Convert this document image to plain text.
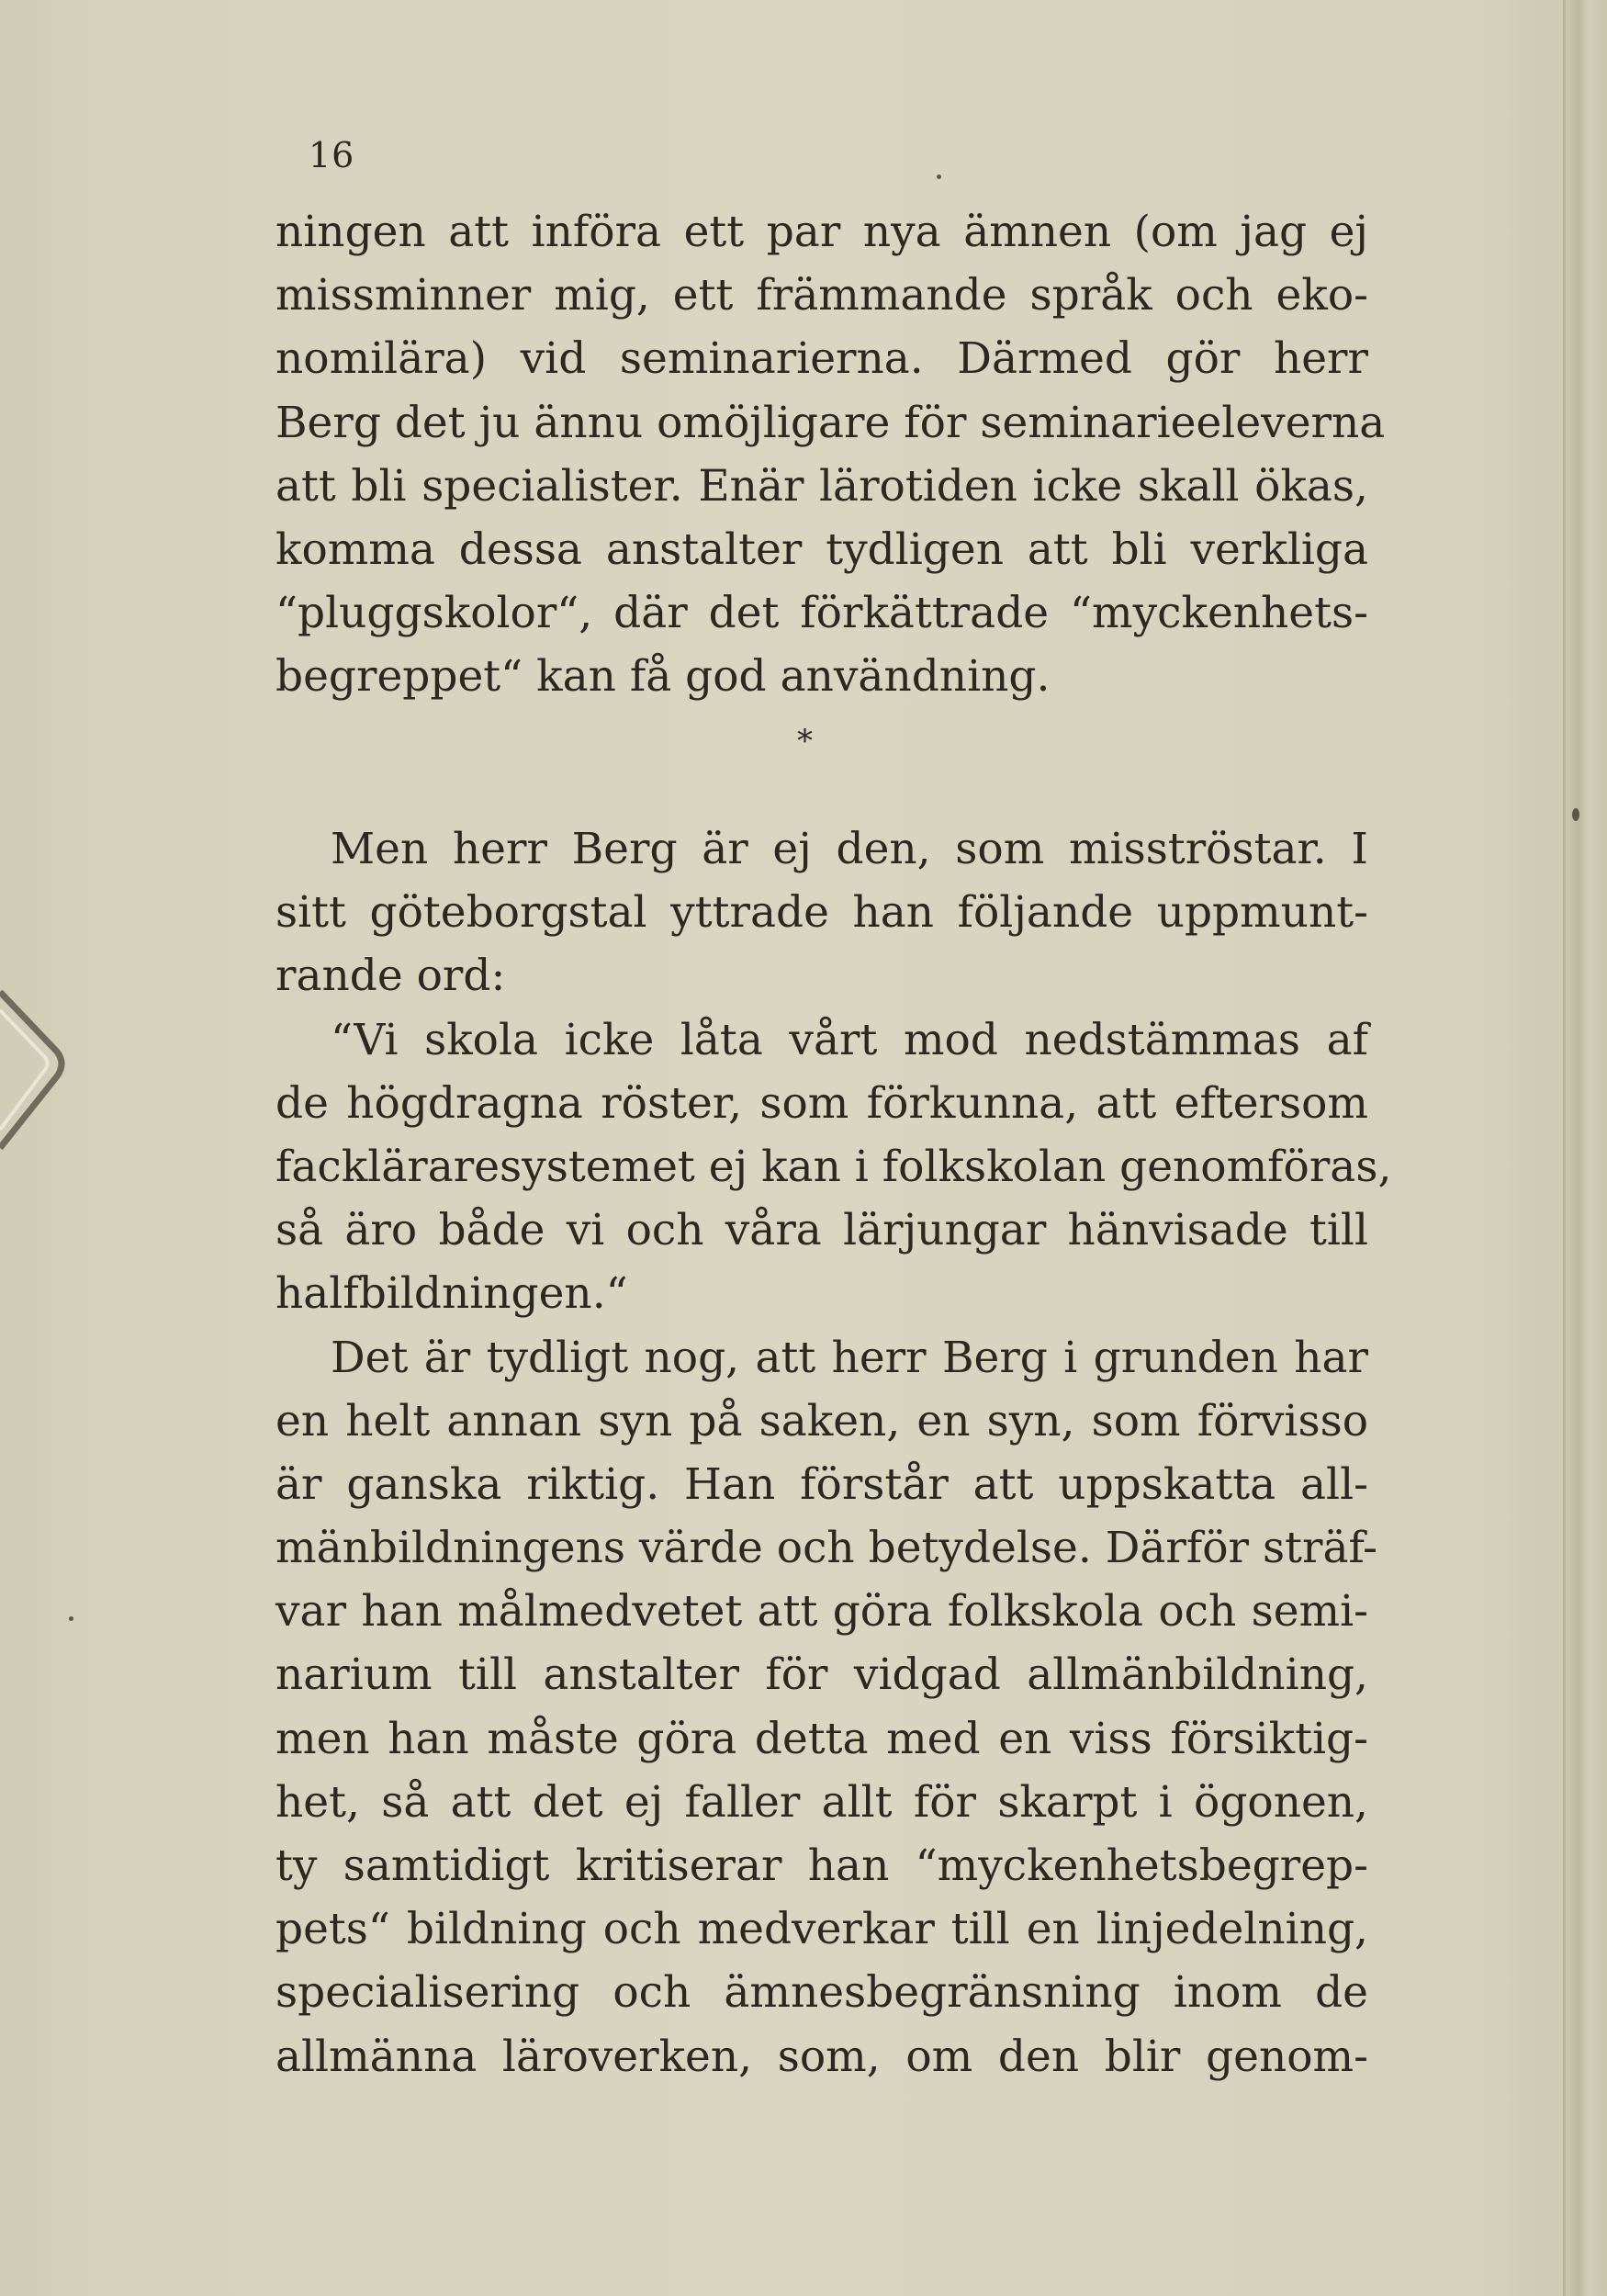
16
ningen att införa ett par nya ämnen (om jag ej
missminner mig, ett främmande språk och eko-
nomilära) vid seminarierna. Därmed gör herr
Berg det ju ännu omöjligare för seminarieeleverna
att bli specialister. Enär lärotiden icke skall ökas,
komma dessa anstalter tydligen att bli verkliga
“pluggskolor“, där det förkättrade “myckenhets-
begreppet“ kan få god användning.
*
Men herr Berg är ej den, som misströstar. I
sitt göteborgstal yttrade han följande uppmunt-
rande ord:
“Vi skola icke låta vårt mod nedstämmas af
de högdragna röster, som förkunna, att eftersom
fackläraresystemet ej kan i folkskolan genomföras,
så äro både vi och våra lärjungar hänvisade till
halfbildningen.“
Det är tydligt nog, att herr Berg i grunden har
en helt annan syn på saken, en syn, som förvisso
är ganska riktig. Han förstår att uppskatta all-
mänbildningens värde och betydelse. Därför sträf-
var han målmedvetet att göra folkskola och semi-
narium till anstalter för vidgad allmänbildning,
men han måste göra detta med en viss försiktig-
het, så att det ej faller allt för skarpt i ögonen,
ty samtidigt kritiserar han “myckenhetsbegrep-
pets“ bildning och medverkar till en linjedelning,
specialisering och ämnesbegränsning inom de
allmänna läroverken, som, om den blir genom-
